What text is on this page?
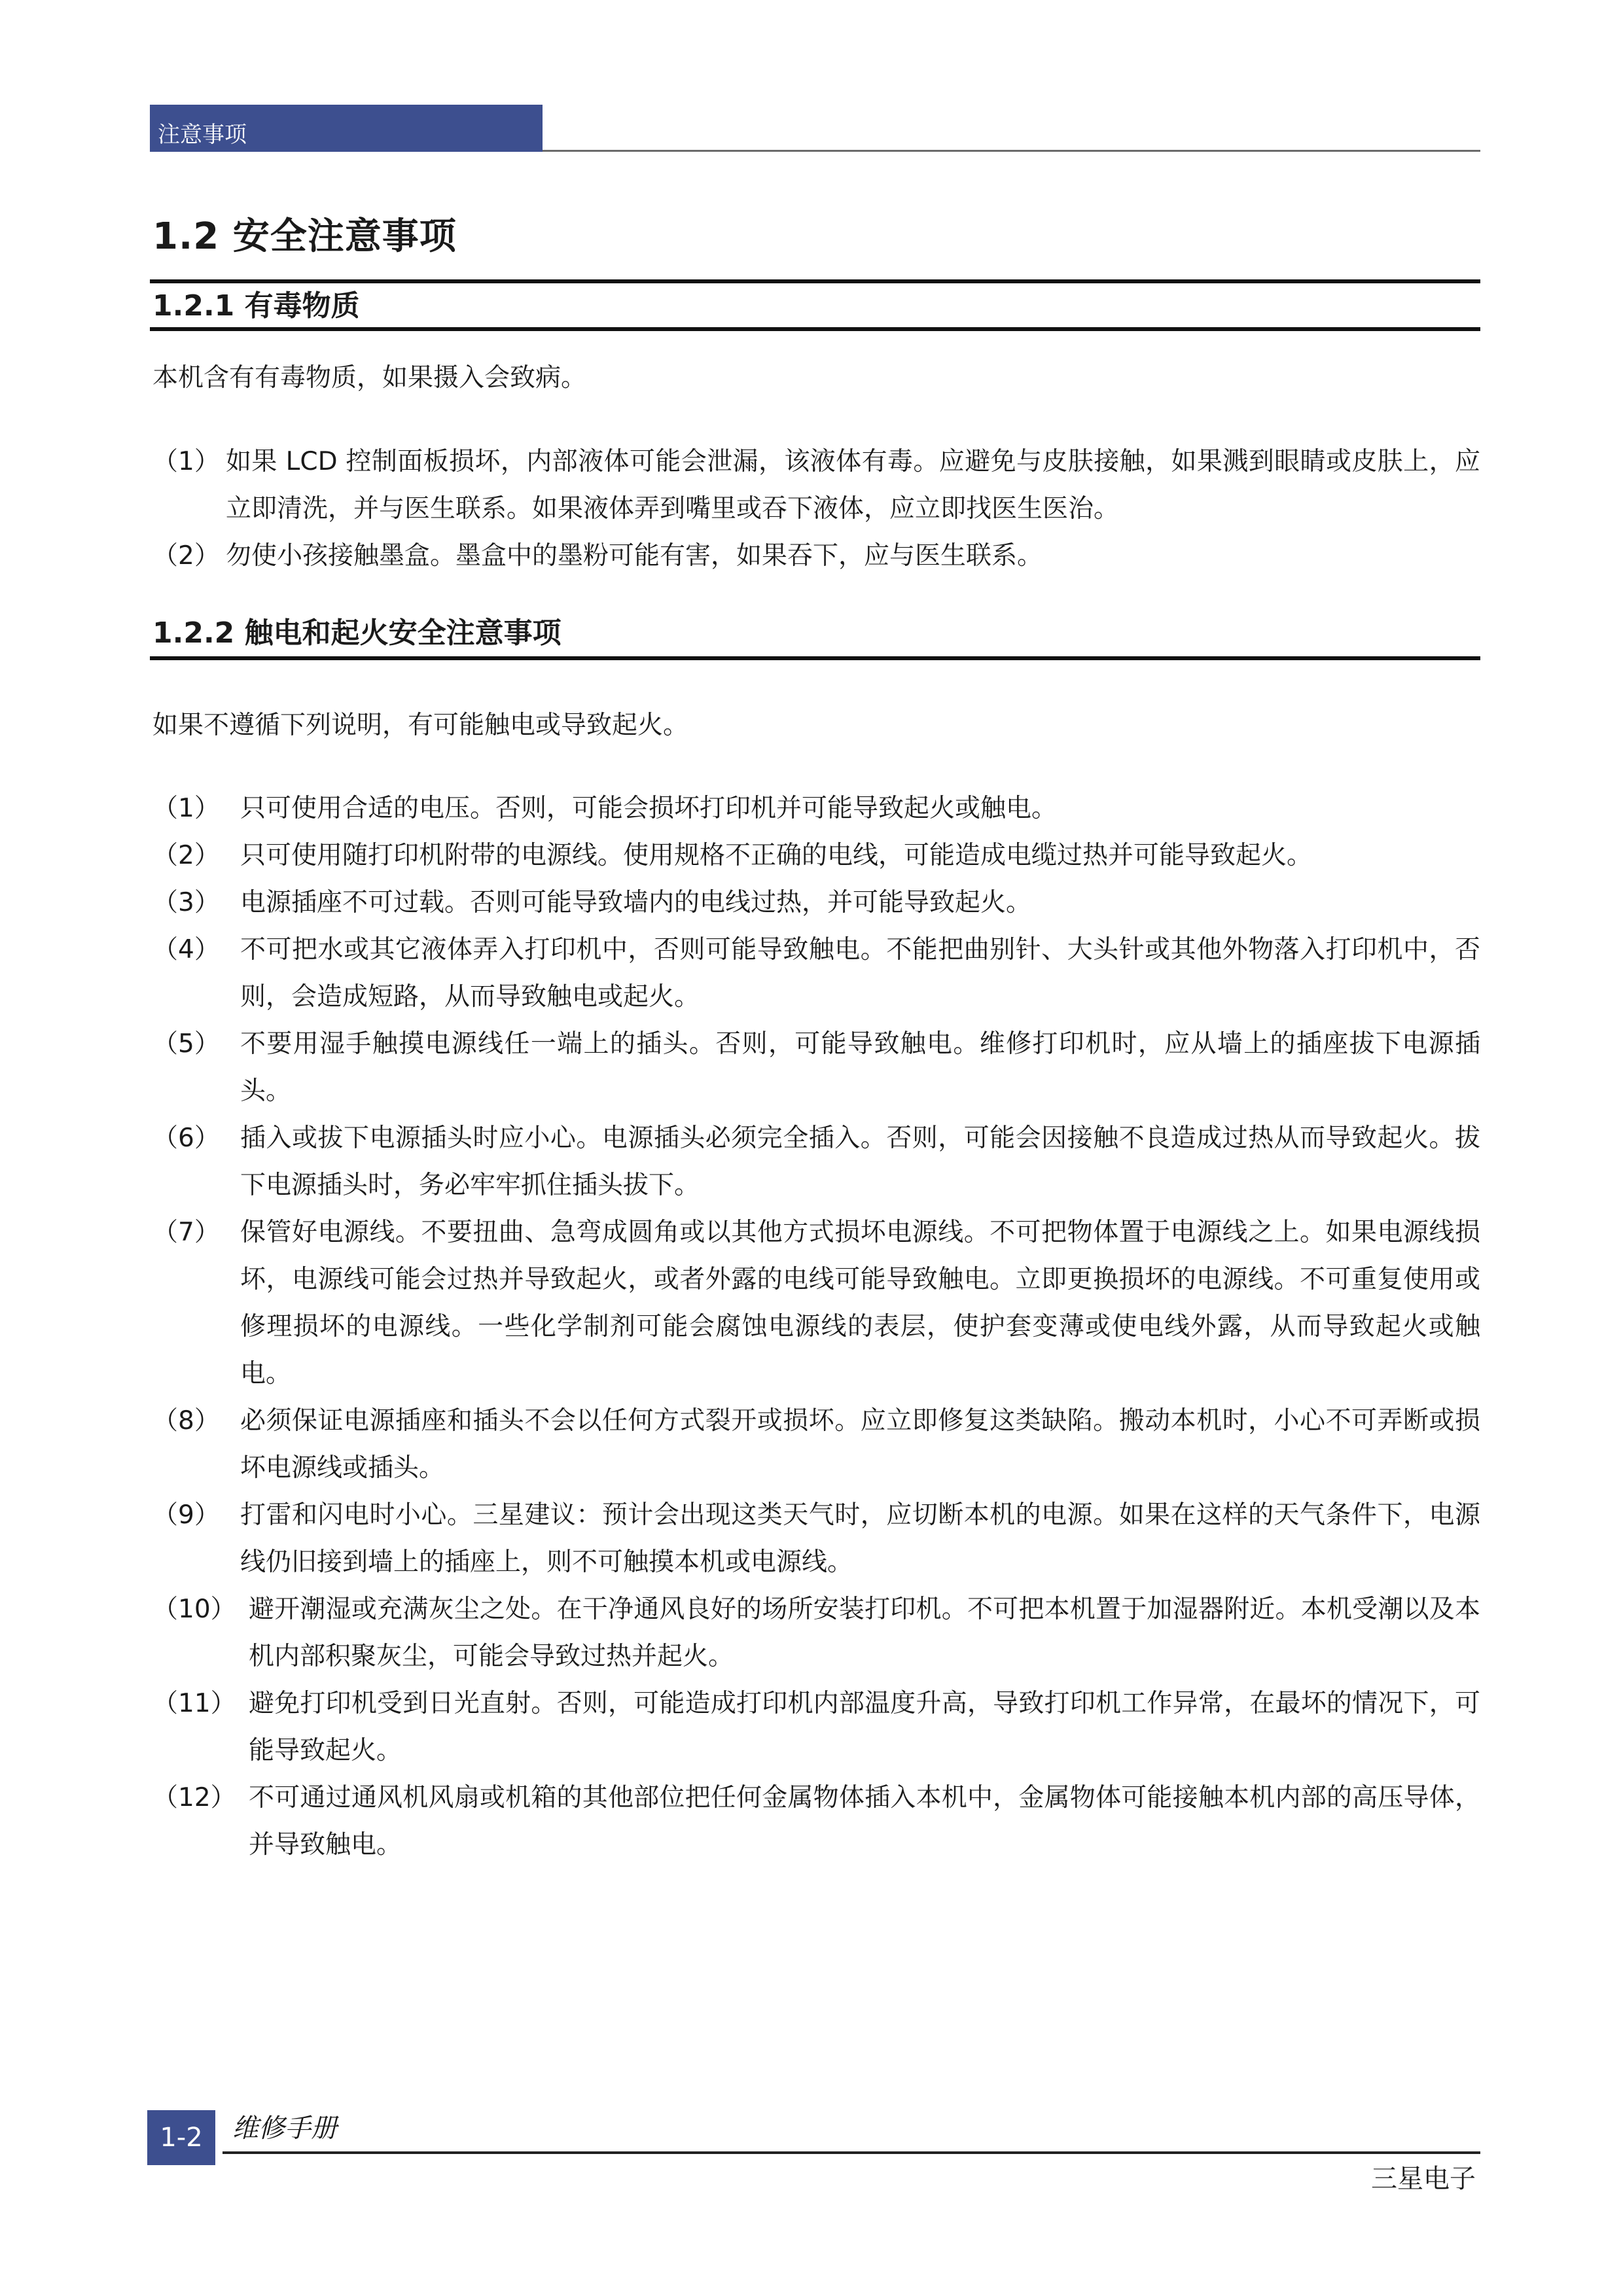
注意事项
1.2 安全注意事项
1.2.1 有毒物质

本机含有有毒物质，如果摄入会致病。

（1） 如果 LCD 控制面板损坏，内部液体可能会泄漏，该液体有毒。应避免与皮肤接触，如果溅到眼睛或皮肤上，应立即清洗，并与医生联系。如果液体弄到嘴里或吞下液体，应立即找医生医治。
（2） 勿使小孩接触墨盒。墨盒中的墨粉可能有害，如果吞下，应与医生联系。
1.2.2 触电和起火安全注意事项

如果不遵循下列说明，有可能触电或导致起火。

（1） 只可使用合适的电压。否则，可能会损坏打印机并可能导致起火或触电。
（2） 只可使用随打印机附带的电源线。使用规格不正确的电线，可能造成电缆过热并可能导致起火。
（3） 电源插座不可过载。否则可能导致墙内的电线过热，并可能导致起火。
（4） 不可把水或其它液体弄入打印机中，否则可能导致触电。不能把曲别针、大头针或其他外物落入打印机中，否则，会造成短路，从而导致触电或起火。
（5） 不要用湿手触摸电源线任一端上的插头。否则，可能导致触电。维修打印机时，应从墙上的插座拔下电源插头。
（6） 插入或拔下电源插头时应小心。电源插头必须完全插入。否则，可能会因接触不良造成过热从而导致起火。拔下电源插头时，务必牢牢抓住插头拔下。
（7） 保管好电源线。不要扭曲、急弯成圆角或以其他方式损坏电源线。不可把物体置于电源线之上。如果电源线损坏，电源线可能会过热并导致起火，或者外露的电线可能导致触电。立即更换损坏的电源线。不可重复使用或修理损坏的电源线。一些化学制剂可能会腐蚀电源线的表层，使护套变薄或使电线外露，从而导致起火或触电。
（8） 必须保证电源插座和插头不会以任何方式裂开或损坏。应立即修复这类缺陷。搬动本机时，小心不可弄断或损坏电源线或插头。
（9） 打雷和闪电时小心。三星建议：预计会出现这类天气时，应切断本机的电源。如果在这样的天气条件下，电源线仍旧接到墙上的插座上，则不可触摸本机或电源线。
（10） 避开潮湿或充满灰尘之处。在干净通风良好的场所安装打印机。不可把本机置于加湿器附近。本机受潮以及本机内部积聚灰尘，可能会导致过热并起火。
（11） 避免打印机受到日光直射。否则，可能造成打印机内部温度升高，导致打印机工作异常，在最坏的情况下，可能导致起火。
（12） 不可通过通风机风扇或机箱的其他部位把任何金属物体插入本机中，金属物体可能接触本机内部的高压导体，并导致触电。
1-2	维修手册
三星电子
